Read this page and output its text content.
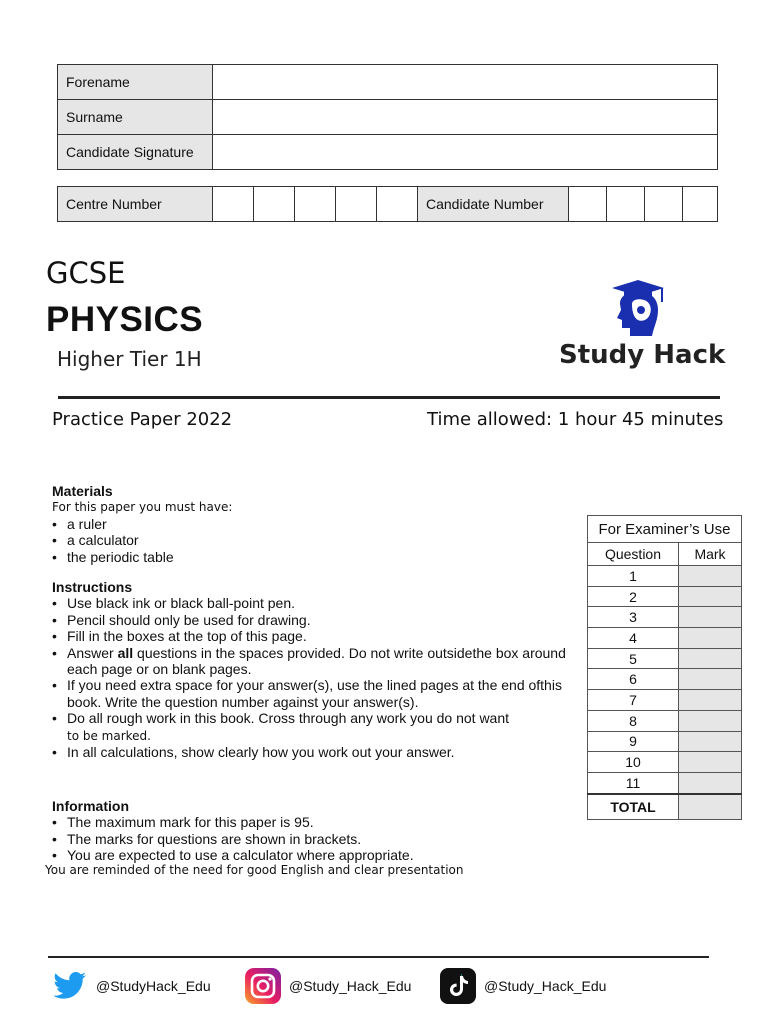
Forename	
Surname	
Candidate Signature	
Centre Number						Candidate Number				
GCSE
PHYSICS
Higher Tier 1H	Study Hack
Practice Paper 2022	Time allowed: 1 hour 45 minutes
Materials
For this paper you must have:
• a ruler
• a calculator
• the periodic table
Instructions
• Use black ink or black ball-point pen.
• Pencil should only be used for drawing.
• Fill in the boxes at the top of this page.
• Answer all questions in the spaces provided. Do not write outsidethe box around each page or on blank pages.
• If you need extra space for your answer(s), use the lined pages at the end ofthis book. Write the question number against your answer(s).
• Do all rough work in this book. Cross through any work you do not want
to be marked.
• In all calculations, show clearly how you work out your answer.
Information
• The maximum mark for this paper is 95.
• The marks for questions are shown in brackets.
• You are expected to use a calculator where appropriate.
You are reminded of the need for good English and clear presentation
For Examiner’s Use	
Question	Mark
1	
2	
3	
4	
5	
6	
7	
8	
9	
10	
11	
TOTAL	
@StudyHack_Edu	@Study_Hack_Edu	@Study_Hack_Edu
